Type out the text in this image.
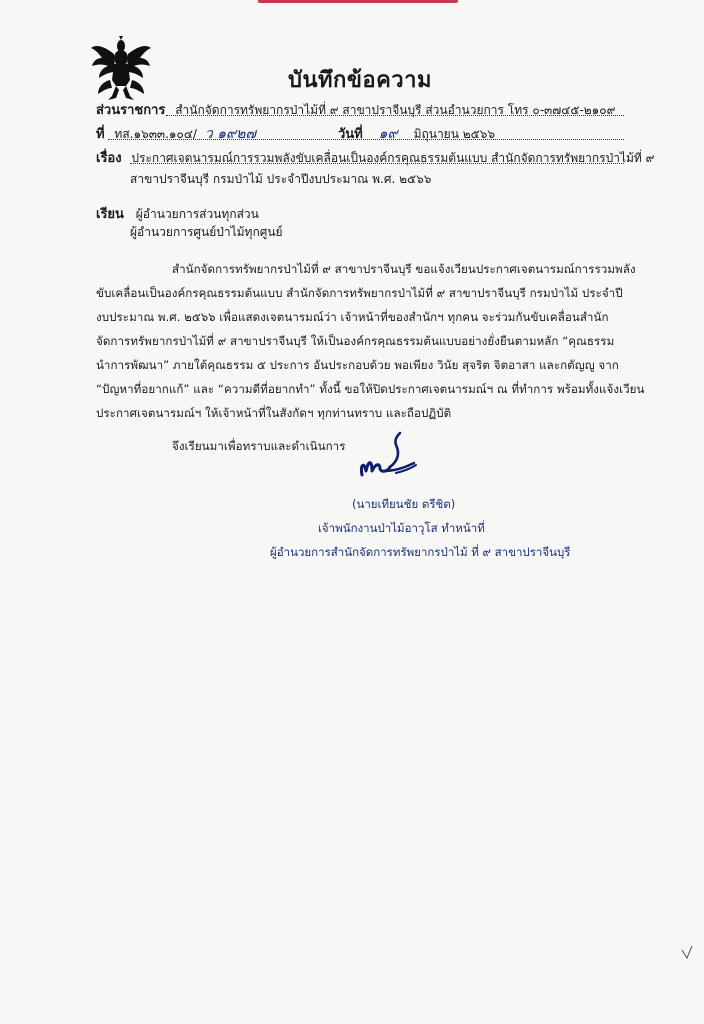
บันทึกข้อความ
ส่วนราชการ สำนักจัดการทรัพยากรป่าไม้ที่ ๙ สาขาปราจีนบุรี ส่วนอำนวยการ โทร ๐-๓๗๔๕-๒๑๐๙
ที่ ทส.๑๖๓๓.๑๐๔/ ว ๑๙๒๗	วันที่ ๑๙ มิถุนายน ๒๕๖๖
เรื่อง ประกาศเจตนารมณ์การรวมพลังขับเคลื่อนเป็นองค์กรคุณธรรมต้นแบบ สำนักจัดการทรัพยากรป่าไม้ที่ ๙
สาขาปราจีนบุรี กรมป่าไม้ ประจำปีงบประมาณ พ.ศ. ๒๕๖๖
เรียน ผู้อำนวยการส่วนทุกส่วน
ผู้อำนวยการศูนย์ป่าไม้ทุกศูนย์
สำนักจัดการทรัพยากรป่าไม้ที่ ๙ สาขาปราจีนบุรี ขอแจ้งเวียนประกาศเจตนารมณ์การรวมพลัง
ขับเคลื่อนเป็นองค์กรคุณธรรมต้นแบบ สำนักจัดการทรัพยากรป่าไม้ที่ ๙ สาขาปราจีนบุรี กรมป่าไม้ ประจำปี
งบประมาณ พ.ศ. ๒๕๖๖ เพื่อแสดงเจตนารมณ์ว่า เจ้าหน้าที่ของสำนักฯ ทุกคน จะร่วมกันขับเคลื่อนสำนัก
จัดการทรัพยากรป่าไม้ที่ ๙ สาขาปราจีนบุรี ให้เป็นองค์กรคุณธรรมต้นแบบอย่างยั่งยืนตามหลัก “คุณธรรม
นำการพัฒนา” ภายใต้คุณธรรม ๕ ประการ อันประกอบด้วย พอเพียง วินัย สุจริต จิตอาสา และกตัญญู จาก
“ปัญหาที่อยากแก้” และ “ความดีที่อยากทำ” ทั้งนี้ ขอให้ปิดประกาศเจตนารมณ์ฯ ณ ที่ทำการ พร้อมทั้งแจ้งเวียน
ประกาศเจตนารมณ์ฯ ให้เจ้าหน้าที่ในสังกัดฯ ทุกท่านทราบ และถือปฏิบัติ
จึงเรียนมาเพื่อทราบและดำเนินการ
(นายเทียนชัย ตรีชิต)
เจ้าพนักงานป่าไม้อาวุโส ทำหน้าที่
ผู้อำนวยการสำนักจัดการทรัพยากรป่าไม้ ที่ ๙ สาขาปราจีนบุรี
